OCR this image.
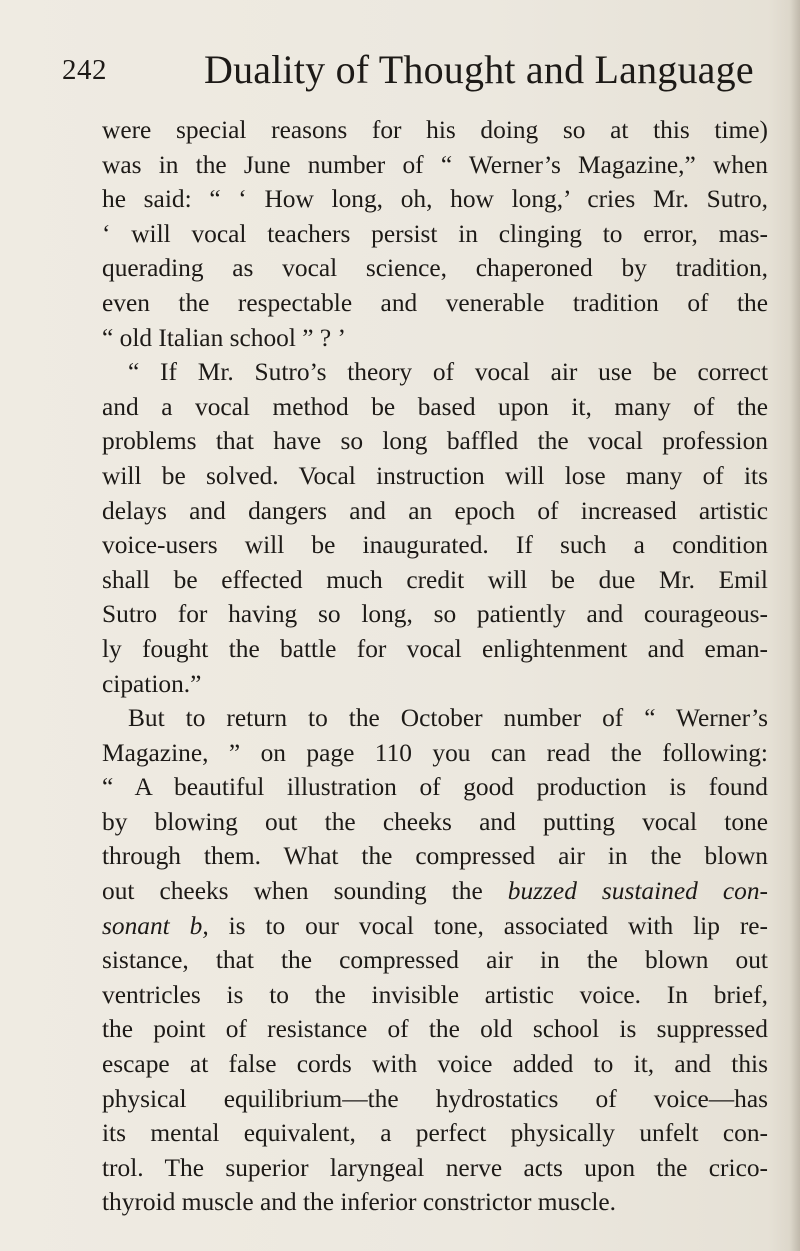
242 Duality of Thought and Language
were special reasons for his doing so at this time)
was in the June number of “ Werner’s Magazine,” when
he said: “ ‘ How long, oh, how long,’ cries Mr. Sutro,
‘ will vocal teachers persist in clinging to error, mas-
querading as vocal science, chaperoned by tradition,
even the respectable and venerable tradition of the
“ old Italian school ” ? ’
“ If Mr. Sutro’s theory of vocal air use be correct
and a vocal method be based upon it, many of the
problems that have so long baffled the vocal profession
will be solved. Vocal instruction will lose many of its
delays and dangers and an epoch of increased artistic
voice-users will be inaugurated. If such a condition
shall be effected much credit will be due Mr. Emil
Sutro for having so long, so patiently and courageous-
ly fought the battle for vocal enlightenment and eman-
cipation.”
But to return to the October number of “ Werner’s
Magazine, ” on page 110 you can read the following:
“ A beautiful illustration of good production is found
by blowing out the cheeks and putting vocal tone
through them. What the compressed air in the blown
out cheeks when sounding the buzzed sustained con-
sonant b, is to our vocal tone, associated with lip re-
sistance, that the compressed air in the blown out
ventricles is to the invisible artistic voice. In brief,
the point of resistance of the old school is suppressed
escape at false cords with voice added to it, and this
physical equilibrium—the hydrostatics of voice—has
its mental equivalent, a perfect physically unfelt con-
trol. The superior laryngeal nerve acts upon the crico-
thyroid muscle and the inferior constrictor muscle.
